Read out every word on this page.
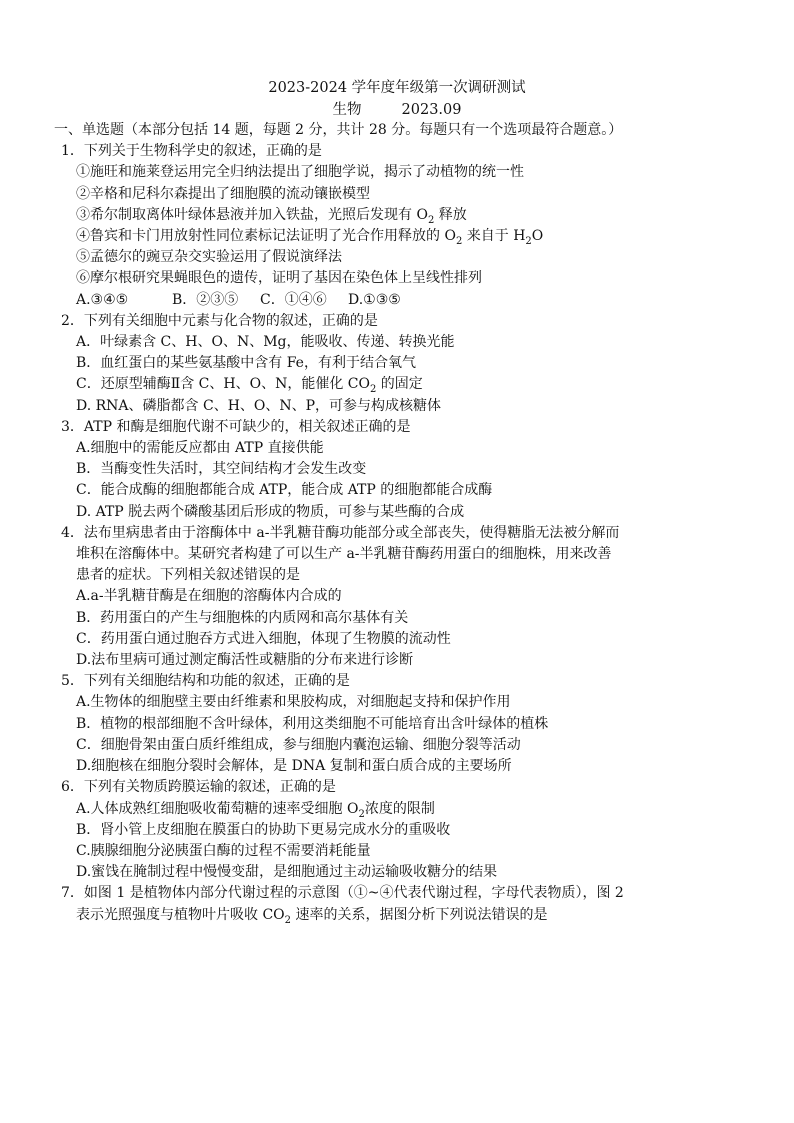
2023-2024 学年度年级第一次调研测试
生物	2023.09
一、单选题（本部分包括 14 题，每题 2 分，共计 28 分。每题只有一个选项最符合题意。）
1．下列关于生物科学史的叙述，正确的是
①施旺和施莱登运用完全归纳法提出了细胞学说，揭示了动植物的统一性
②辛格和尼科尔森提出了细胞膜的流动镶嵌模型
③希尔制取离体叶绿体悬液并加入铁盐，光照后发现有 $O_2$ 释放
④鲁宾和卡门用放射性同位素标记法证明了光合作用释放的 $O_2$ 来自于 $H_2O$
⑤孟德尔的豌豆杂交实验运用了假说演绎法
⑥摩尔根研究果蝇眼色的遗传，证明了基因在染色体上呈线性排列
A.③④⑤	B．②③⑤ C．①④⑥ D.①③⑤
2．下列有关细胞中元素与化合物的叙述，正确的是
A．叶绿素含 C、H、O、N、Mg，能吸收、传递、转换光能
B．血红蛋白的某些氨基酸中含有 Fe，有利于结合氧气
C．还原型辅酶Ⅱ含 C、H、O、N，能催化 $CO_2$ 的固定
D. RNA、磷脂都含 C、H、O、N、P，可参与构成核糖体
3．ATP 和酶是细胞代谢不可缺少的，相关叙述正确的是
A.细胞中的需能反应都由 ATP 直接供能
B．当酶变性失活时，其空间结构才会发生改变
C．能合成酶的细胞都能合成 ATP，能合成 ATP 的细胞都能合成酶
D. ATP 脱去两个磷酸基团后形成的物质，可参与某些酶的合成
4．法布里病患者由于溶酶体中 a-半乳糖苷酶功能部分或全部丧失，使得糖脂无法被分解而
堆积在溶酶体中。某研究者构建了可以生产 a-半乳糖苷酶药用蛋白的细胞株，用来改善
患者的症状。下列相关叙述错误的是
A.a-半乳糖苷酶是在细胞的溶酶体内合成的
B．药用蛋白的产生与细胞株的内质网和高尔基体有关
C．药用蛋白通过胞吞方式进入细胞，体现了生物膜的流动性
D.法布里病可通过测定酶活性或糖脂的分布来进行诊断
5．下列有关细胞结构和功能的叙述，正确的是
A.生物体的细胞壁主要由纤维素和果胶构成，对细胞起支持和保护作用
B．植物的根部细胞不含叶绿体，利用这类细胞不可能培育出含叶绿体的植株
C．细胞骨架由蛋白质纤维组成，参与细胞内囊泡运输、细胞分裂等活动
D.细胞核在细胞分裂时会解体，是 DNA 复制和蛋白质合成的主要场所
6．下列有关物质跨膜运输的叙述，正确的是
A.人体成熟红细胞吸收葡萄糖的速率受细胞 $O_2$浓度的限制
B．肾小管上皮细胞在膜蛋白的协助下更易完成水分的重吸收
C.胰腺细胞分泌胰蛋白酶的过程不需要消耗能量
D.蜜饯在腌制过程中慢慢变甜，是细胞通过主动运输吸收糖分的结果
7．如图 1 是植物体内部分代谢过程的示意图（①~④代表代谢过程，字母代表物质），图 2
表示光照强度与植物叶片吸收 $CO_2$ 速率的关系，据图分析下列说法错误的是
